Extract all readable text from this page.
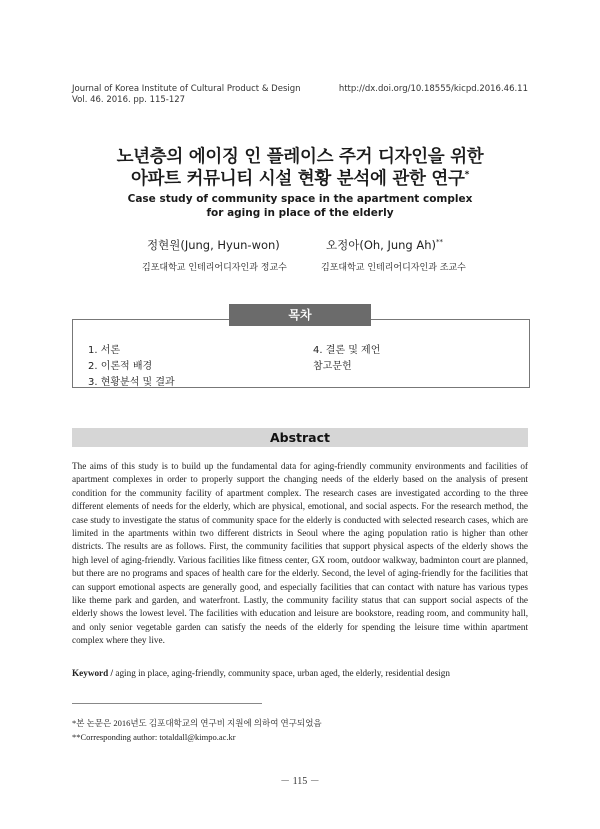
Journal of Korea Institute of Cultural Product & Design
Vol. 46. 2016. pp. 115-127
http://dx.doi.org/10.18555/kicpd.2016.46.11
노년층의 에이징 인 플레이스 주거 디자인을 위한
아파트 커뮤니티 시설 현황 분석에 관한 연구*
Case study of community space in the apartment complex
for aging in place of the elderly
정현원(Jung, Hyun-won)
김포대학교 인테리어디자인과 정교수
오정아(Oh, Jung Ah)**
김포대학교 인테리어디자인과 조교수
목차
1. 서론
2. 이론적 배경
3. 현황분석 및 결과
4. 결론 및 제언
참고문헌
Abstract

The aims of this study is to build up the fundamental data for aging-friendly community environments and facilities of apartment complexes in order to properly support the changing needs of the elderly based on the analysis of present condition for the community facility of apartment complex. The research cases are investigated according to the three different elements of needs for the elderly, which are physical, emotional, and social aspects. For the research method, the case study to investigate the status of community space for the elderly is conducted with selected research cases, which are limited in the apartments within two different districts in Seoul where the aging population ratio is higher than other districts. The results are as follows. First, the community facilities that support physical aspects of the elderly shows the high level of aging-friendly. Various facilities like fitness center, GX room, outdoor walkway, badminton court are planned, but there are no programs and spaces of health care for the elderly. Second, the level of aging-friendly for the facilities that can support emotional aspects are generally good, and especially facilities that can contact with nature has various types like theme park and garden, and waterfront. Lastly, the community facility status that can support social aspects of the elderly shows the lowest level. The facilities with education and leisure are bookstore, reading room, and community hall, and only senior vegetable garden can satisfy the needs of the elderly for spending the leisure time within apartment complex where they live.

Keyword / aging in place, aging-friendly, community space, urban aged, the elderly, residential design
*본 논문은 2016년도 김포대학교의 연구비 지원에 의하여 연구되었음
**Corresponding author: totaldall@kimpo.ac.kr
－ 115 －
